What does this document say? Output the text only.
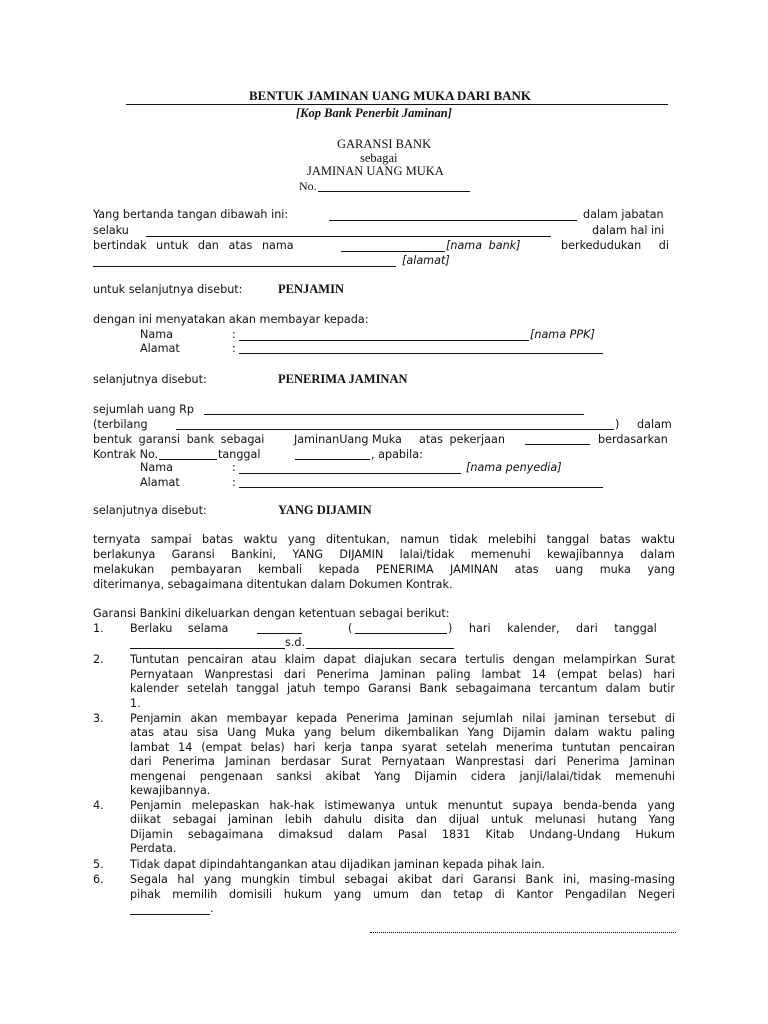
BENTUK JAMINAN UANG MUKA DARI BANK
[Kop Bank Penerbit Jaminan]
GARANSI BANK
sebagai
JAMINAN UANG MUKA
No.
Yang bertanda tangan dibawah ini:	dalam jabatan
selaku	dalam hal ini
bertindak untuk dan atas nama	[nama bank]	berkedudukan di
[alamat]
untuk selanjutnya disebut:	PENJAMIN
dengan ini menyatakan akan membayar kepada:
Nama	:	[nama PPK]
Alamat	:
selanjutnya disebut:	PENERIMA JAMINAN
sejumlah uang Rp
(terbilang	) dalam
bentuk garansi bank sebagai	JaminanUang Muka atas pekerjaan	berdasarkan
Kontrak No.	tanggal	, apabila:
Nama	:	[nama penyedia]
Alamat	:
selanjutnya disebut:	YANG DIJAMIN
ternyata sampai batas waktu yang ditentukan, namun tidak melebihi tanggal batas waktu
berlakunya Garansi Bankini, YANG DIJAMIN lalai/tidak memenuhi kewajibannya dalam
melakukan pembayaran kembali kepada PENERIMA JAMINAN atas uang muka yang
diterimanya, sebagaimana ditentukan dalam Dokumen Kontrak.
Garansi Bankini dikeluarkan dengan ketentuan sebagai berikut:
1. Berlaku selama	(	) hari kalender, dari tanggal
s.d.
2. Tuntutan pencairan atau klaim dapat diajukan secara tertulis dengan melampirkan Surat
Pernyataan Wanprestasi dari Penerima Jaminan paling lambat 14 (empat belas) hari
kalender setelah tanggal jatuh tempo Garansi Bank sebagaimana tercantum dalam butir
1.
3. Penjamin akan membayar kepada Penerima Jaminan sejumlah nilai jaminan tersebut di
atas atau sisa Uang Muka yang belum dikembalikan Yang Dijamin dalam waktu paling
lambat 14 (empat belas) hari kerja tanpa syarat setelah menerima tuntutan pencairan
dari Penerima Jaminan berdasar Surat Pernyataan Wanprestasi dari Penerima Jaminan
mengenai pengenaan sanksi akibat Yang Dijamin cidera janji/lalai/tidak memenuhi
kewajibannya.
4. Penjamin melepaskan hak-hak istimewanya untuk menuntut supaya benda-benda yang
diikat sebagai jaminan lebih dahulu disita dan dijual untuk melunasi hutang Yang
Dijamin sebagaimana dimaksud dalam Pasal 1831 Kitab Undang-Undang Hukum
Perdata.
5. Tidak dapat dipindahtangankan atau dijadikan jaminan kepada pihak lain.
6. Segala hal yang mungkin timbul sebagai akibat dari Garansi Bank ini, masing-masing
pihak memilih domisili hukum yang umum dan tetap di Kantor Pengadilan Negeri
.
